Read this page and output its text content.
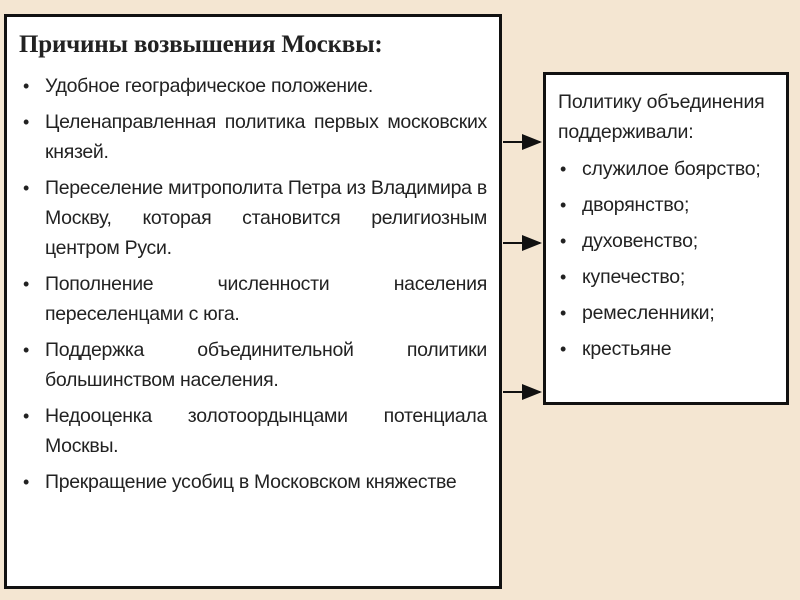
Причины возвышения Москвы:
• Удобное географическое положение.
• Целенаправленная политика первых московских князей.
• Переселение митрополита Петра из Владимира в Москву, которая становится религиозным центром Руси.
• Пополнение численности населения переселенцами с юга.
• Поддержка объединительной политики большинством населения.
• Недооценка золотоордынцами потенциала Москвы.
• Прекращение усобиц в Московском княжестве
Политику объединения поддерживали:
• служилое боярство;
• дворянство;
• духовенство;
• купечество;
• ремесленники;
• крестьяне
